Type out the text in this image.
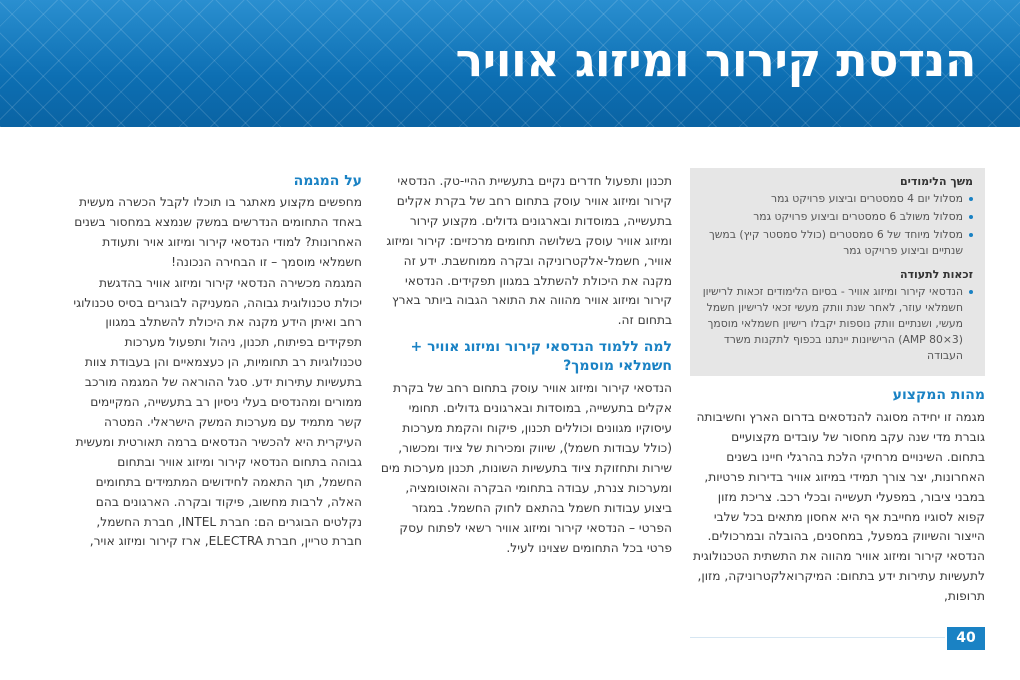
הנדסת קירור ומיזוג אוויר
משך הלימודים
מסלול יום 4 סמסטרים וביצוע פרויקט גמר
מסלול משולב 6 סמסטרים וביצוע פרויקט גמר
מסלול מיוחד של 6 סמסטרים (כולל סמסטר קיץ) במשך שנתיים וביצוע פרויקט גמר
זכאות לתעודה
הנדסאי קירור ומיזוג אוויר - בסיום הלימודים זכאות לרישיון חשמלאי עוזר, לאחר שנת וותק מעשי זכאי לרישיון חשמל מעשי, ושנתיים וותק נוספות יקבלו רישיון חשמלאי מוסמך (AMP 80×3) הרישיונות יינתנו בכפוף לתקנות משרד העבודה
מהות המקצוע

מגמה זו יחידה מסוגה להנדסאים בדרום הארץ וחשיבותה גוברת מדי שנה עקב מחסור של עובדים מקצועיים בתחום. השינויים מרחיקי הלכת בהרגלי חיינו בשנים האחרונות, יצר צורך תמידי במיזוג אוויר בדירות פרטיות, במבני ציבור, במפעלי תעשייה ובכלי רכב. צריכת מזון קפוא לסוגיו מחייבת אף היא אחסון מתאים בכל שלבי הייצור והשיווק במפעל, במחסנים, בהובלה ובמרכולים. הנדסאי קירור ומיזוג אוויר מהווה את התשתית הטכנולוגית לתעשיות עתירות ידע בתחום: המיקרואלקטרוניקה, מזון, תרופות,

תכנון ותפעול חדרים נקיים בתעשיית ההיי-טק. הנדסאי קירור ומיזוג אוויר עוסק בתחום רחב של בקרת אקלים בתעשייה, במוסדות ובארגונים גדולים. מקצוע קירור ומיזוג אוויר עוסק בשלושה תחומים מרכזיים: קירור ומיזוג אוויר, חשמל-אלקטרוניקה ובקרה ממוחשבת. ידע זה מקנה את היכולת להשתלב במגוון תפקידים. הנדסאי קירור ומיזוג אוויר מהווה את התואר הגבוה ביותר בארץ בתחום זה.

למה ללמוד הנדסאי קירור ומיזוג אוויר + חשמלאי מוסמך?

הנדסאי קירור ומיזוג אוויר עוסק בתחום רחב של בקרת אקלים בתעשייה, במוסדות ובארגונים גדולים. תחומי עיסוקיו מגוונים וכוללים תכנון, פיקוח והקמת מערכות (כולל עבודות חשמל), שיווק ומכירות של ציוד ומכשור, שירות ותחזוקת ציוד בתעשיות השונות, תכנון מערכות מים ומערכות צנרת, עבודה בתחומי הבקרה והאוטומציה, ביצוע עבודות חשמל בהתאם לחוק החשמל. במגזר הפרטי – הנדסאי קירור ומיזוג אוויר רשאי לפתוח עסק פרטי בכל התחומים שצוינו לעיל.

על המגמה

מחפשים מקצוע מאתגר בו תוכלו לקבל הכשרה מעשית באחד התחומים הנדרשים במשק שנמצא במחסור בשנים האחרונות? למודי הנדסאי קירור ומיזוג אויר ותעודת חשמלאי מוסמך – זו הבחירה הנכונה!

המגמה מכשירה הנדסאי קירור ומיזוג אוויר בהדגשת יכולת טכנולוגית גבוהה, המעניקה לבוגרים בסיס טכנולוגי רחב ואיתן הידע מקנה את היכולת להשתלב במגוון תפקידים בפיתוח, תכנון, ניהול ותפעול מערכות טכנולוגיות רב תחומיות, הן כעצמאיים והן בעבודת צוות בתעשיות עתירות ידע. סגל ההוראה של המגמה מורכב ממורים ומהנדסים בעלי ניסיון רב בתעשייה, המקיימים קשר מתמיד עם מערכות המשק הישראלי. המטרה העיקרית היא להכשיר הנדסאים ברמה תאורטית ומעשית גבוהה בתחום הנדסאי קירור ומיזוג אוויר ובתחום החשמל, תוך התאמה לחידושים המתמידים בתחומים האלה, לרבות מחשוב, פיקוד ובקרה. הארגונים בהם נקלטים הבוגרים הם: חברת INTEL, חברת החשמל, חברת טריין, חברת ELECTRA, ארז קירור ומיזוג אויר,

40
